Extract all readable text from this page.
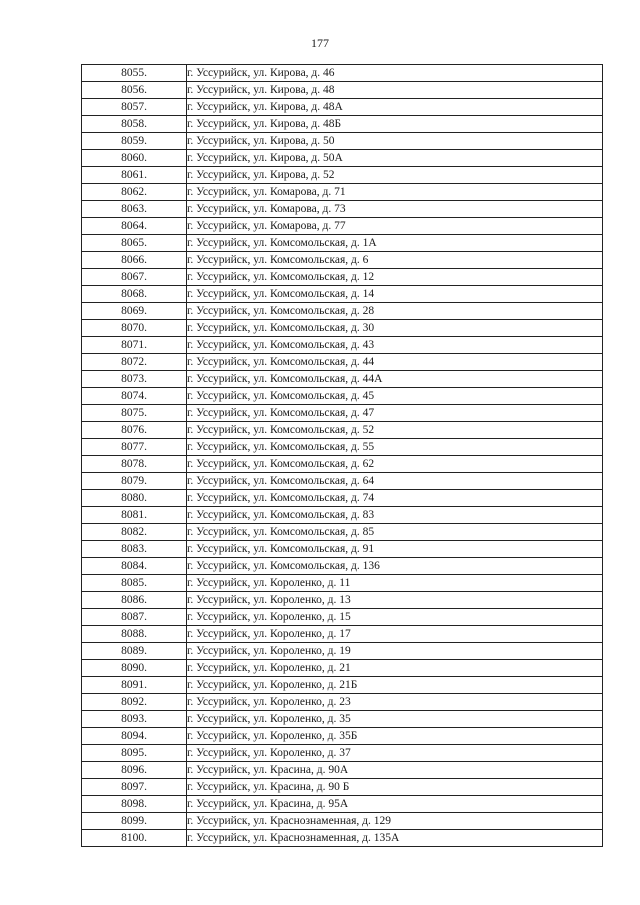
177
8055.	г. Уссурийск, ул. Кирова, д. 46
8056.	г. Уссурийск, ул. Кирова, д. 48
8057.	г. Уссурийск, ул. Кирова, д. 48А
8058.	г. Уссурийск, ул. Кирова, д. 48Б
8059.	г. Уссурийск, ул. Кирова, д. 50
8060.	г. Уссурийск, ул. Кирова, д. 50А
8061.	г. Уссурийск, ул. Кирова, д. 52
8062.	г. Уссурийск, ул. Комарова, д. 71
8063.	г. Уссурийск, ул. Комарова, д. 73
8064.	г. Уссурийск, ул. Комарова, д. 77
8065.	г. Уссурийск, ул. Комсомольская, д. 1А
8066.	г. Уссурийск, ул. Комсомольская, д. 6
8067.	г. Уссурийск, ул. Комсомольская, д. 12
8068.	г. Уссурийск, ул. Комсомольская, д. 14
8069.	г. Уссурийск, ул. Комсомольская, д. 28
8070.	г. Уссурийск, ул. Комсомольская, д. 30
8071.	г. Уссурийск, ул. Комсомольская, д. 43
8072.	г. Уссурийск, ул. Комсомольская, д. 44
8073.	г. Уссурийск, ул. Комсомольская, д. 44А
8074.	г. Уссурийск, ул. Комсомольская, д. 45
8075.	г. Уссурийск, ул. Комсомольская, д. 47
8076.	г. Уссурийск, ул. Комсомольская, д. 52
8077.	г. Уссурийск, ул. Комсомольская, д. 55
8078.	г. Уссурийск, ул. Комсомольская, д. 62
8079.	г. Уссурийск, ул. Комсомольская, д. 64
8080.	г. Уссурийск, ул. Комсомольская, д. 74
8081.	г. Уссурийск, ул. Комсомольская, д. 83
8082.	г. Уссурийск, ул. Комсомольская, д. 85
8083.	г. Уссурийск, ул. Комсомольская, д. 91
8084.	г. Уссурийск, ул. Комсомольская, д. 136
8085.	г. Уссурийск, ул. Короленко, д. 11
8086.	г. Уссурийск, ул. Короленко, д. 13
8087.	г. Уссурийск, ул. Короленко, д. 15
8088.	г. Уссурийск, ул. Короленко, д. 17
8089.	г. Уссурийск, ул. Короленко, д. 19
8090.	г. Уссурийск, ул. Короленко, д. 21
8091.	г. Уссурийск, ул. Короленко, д. 21Б
8092.	г. Уссурийск, ул. Короленко, д. 23
8093.	г. Уссурийск, ул. Короленко, д. 35
8094.	г. Уссурийск, ул. Короленко, д. 35Б
8095.	г. Уссурийск, ул. Короленко, д. 37
8096.	г. Уссурийск, ул. Красина, д. 90А
8097.	г. Уссурийск, ул. Красина, д. 90 Б
8098.	г. Уссурийск, ул. Красина, д. 95А
8099.	г. Уссурийск, ул. Краснознаменная, д. 129
8100.	г. Уссурийск, ул. Краснознаменная, д. 135А
